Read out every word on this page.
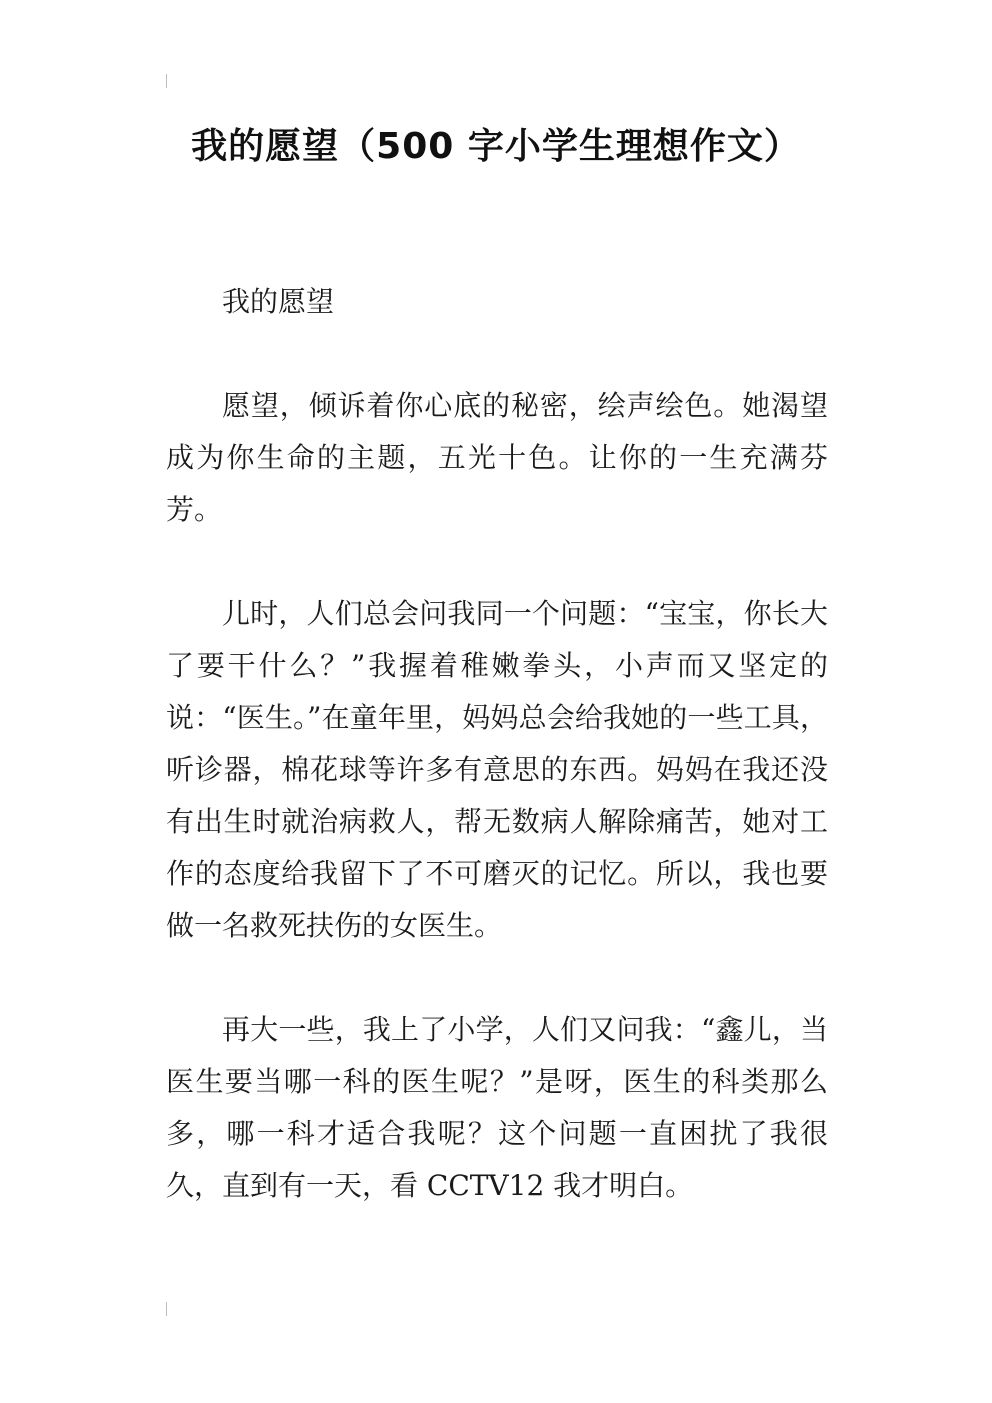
我的愿望（500 字小学生理想作文）

我的愿望

愿望，倾诉着你心底的秘密，绘声绘色。她渴望成为你生命的主题，五光十色。让你的一生充满芬芳。

儿时，人们总会问我同一个问题：“宝宝，你长大了要干什么？”我握着稚嫩拳头，小声而又坚定的说：“医生。”在童年里，妈妈总会给我她的一些工具，听诊器，棉花球等许多有意思的东西。妈妈在我还没有出生时就治病救人，帮无数病人解除痛苦，她对工作的态度给我留下了不可磨灭的记忆。所以，我也要做一名救死扶伤的女医生。

再大一些，我上了小学，人们又问我：“鑫儿，当医生要当哪一科的医生呢？”是呀，医生的科类那么多，哪一科才适合我呢？这个问题一直困扰了我很久，直到有一天，看 CCTV12 我才明白。
